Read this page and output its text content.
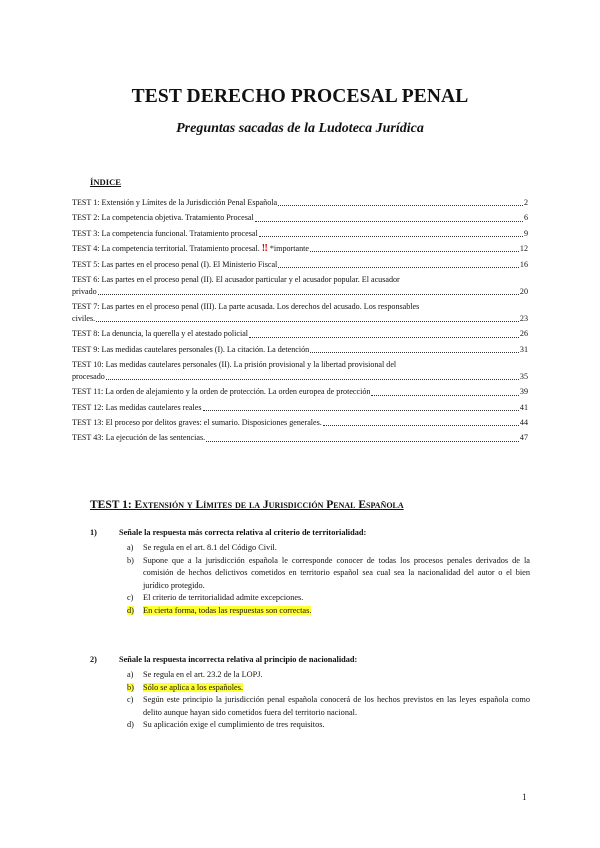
TEST DERECHO PROCESAL PENAL
Preguntas sacadas de la Ludoteca Jurídica
ÍNDICE
TEST 1: Extensión y Límites de la Jurisdicción Penal Española	2
TEST 2: La competencia objetiva. Tratamiento Procesal	6
TEST 3: La competencia funcional. Tratamiento procesal	9
TEST 4: La competencia territorial. Tratamiento procesal.
‼
*importante	12
TEST 5: Las partes en el proceso penal (I). El Ministerio Fiscal	16
TEST 6: Las partes en el proceso penal (II). El acusador particular y el acusador popular. El acusador
privado	20
TEST 7: Las partes en el proceso penal (III). La parte acusada. Los derechos del acusado. Los responsables
civiles.	23
TEST 8: La denuncia, la querella y el atestado policial	26
TEST 9: Las medidas cautelares personales (I). La citación. La detención	31
TEST 10: Las medidas cautelares personales (II). La prisión provisional y la libertad provisional del
procesado	35
TEST 11: La orden de alejamiento y la orden de protección. La orden europea de protección	39
TEST 12: Las medidas cautelares reales	41
TEST 13: El proceso por delitos graves: el sumario. Disposiciones generales.	44
TEST 43: La ejecución de las sentencias.	47
TEST 1: Extensión y Límites de la Jurisdicción Penal Española
1)	Señale la respuesta más correcta relativa al criterio de territorialidad:
a)	Se regula en el art. 8.1 del Código Civil.
b)	Supone que a la jurisdicción española le corresponde conocer de todas los procesos penales derivados de la comisión de hechos delictivos cometidos en territorio español sea cual sea la nacionalidad del autor o el bien jurídico protegido.
c)	El criterio de territorialidad admite excepciones.
d)	En cierta forma, todas las respuestas son correctas.
2)	Señale la respuesta incorrecta relativa al principio de nacionalidad:
a)	Se regula en el art. 23.2 de la LOPJ.
b)	Sólo se aplica a los españoles.
c)	Según este principio la jurisdicción penal española conocerá de los hechos previstos en las leyes española como delito aunque hayan sido cometidos fuera del territorio nacional.
d)	Su aplicación exige el cumplimiento de tres requisitos.
1
